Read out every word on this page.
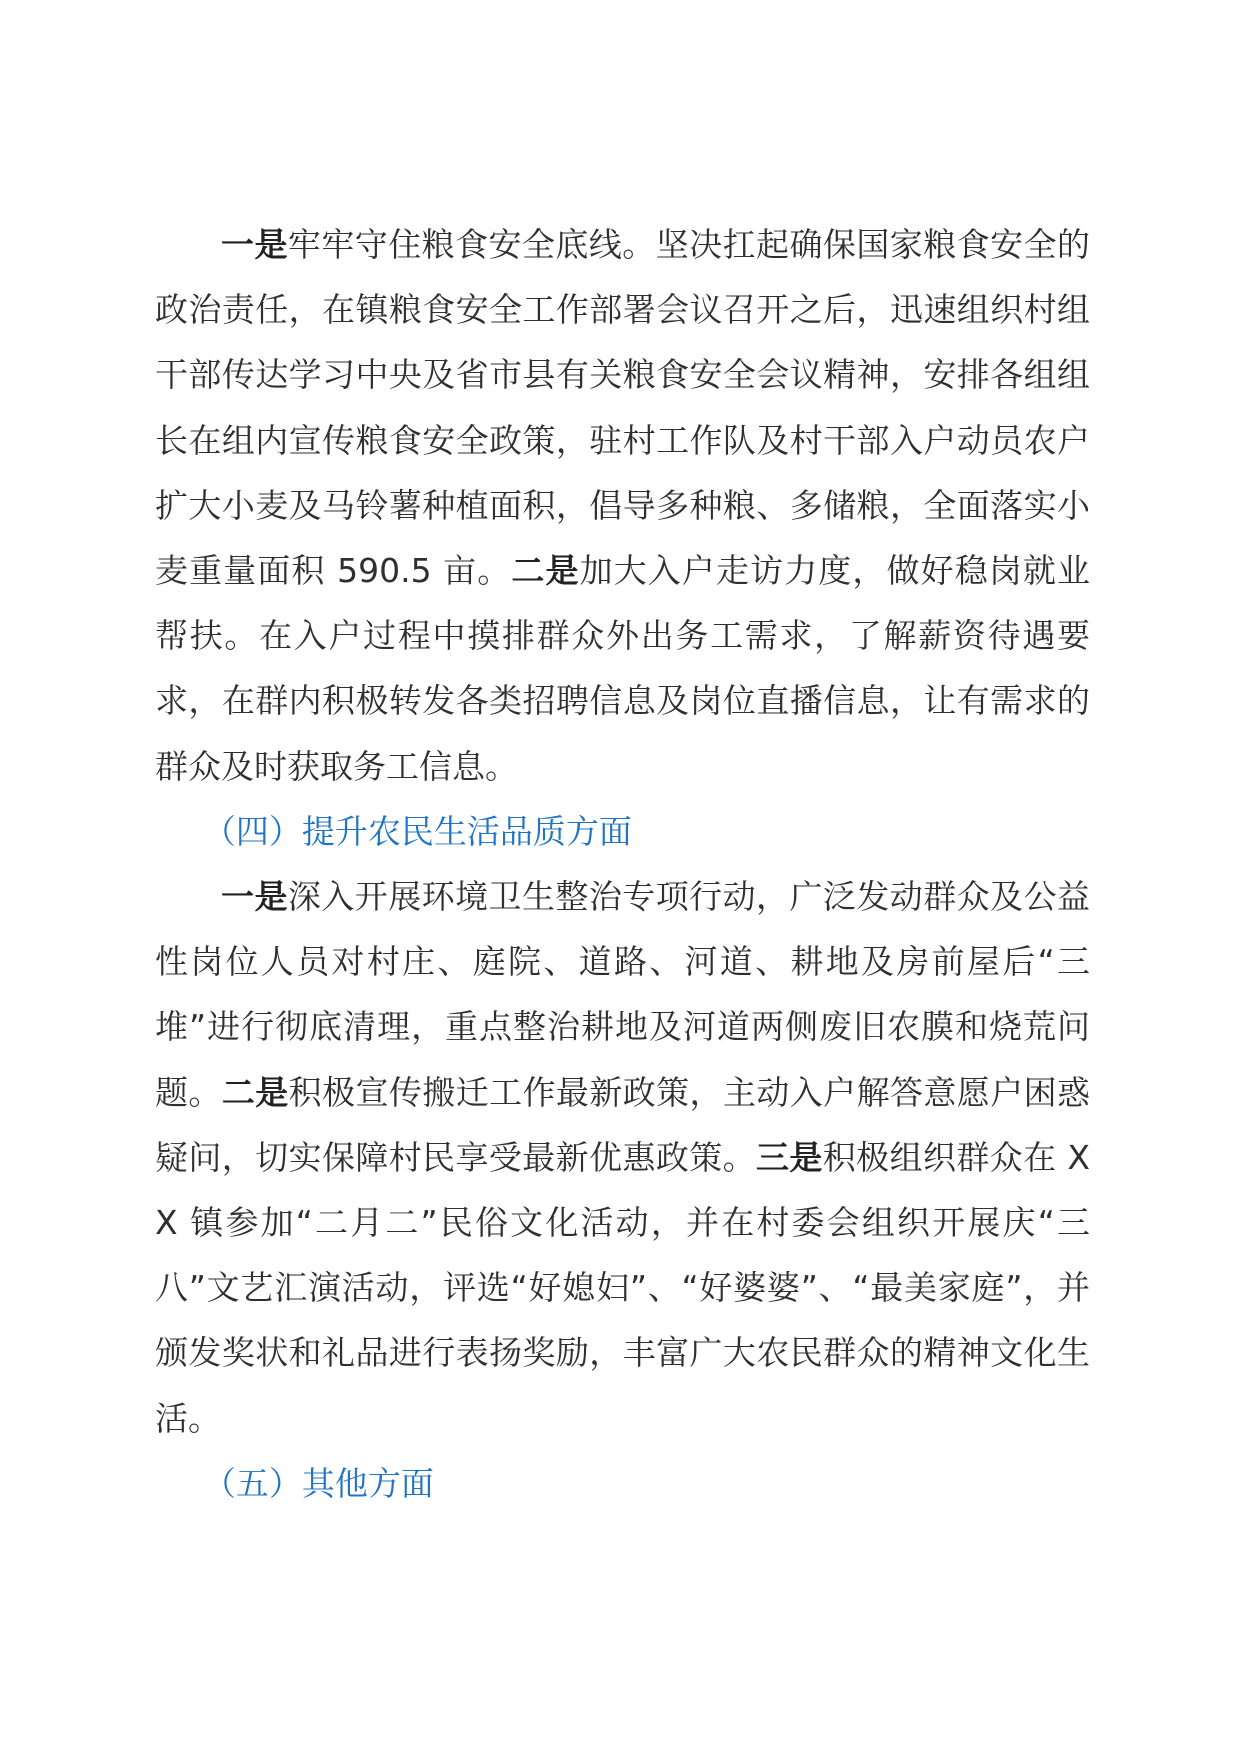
一是牢牢守住粮食安全底线。坚决扛起确保国家粮食安全的政治责任，在镇粮食安全工作部署会议召开之后，迅速组织村组干部传达学习中央及省市县有关粮食安全会议精神，安排各组组长在组内宣传粮食安全政策，驻村工作队及村干部入户动员农户扩大小麦及马铃薯种植面积，倡导多种粮、多储粮，全面落实小麦重量面积 590.5 亩。二是加大入户走访力度，做好稳岗就业帮扶。在入户过程中摸排群众外出务工需求，了解薪资待遇要求，在群内积极转发各类招聘信息及岗位直播信息，让有需求的群众及时获取务工信息。

（四）提升农民生活品质方面

一是深入开展环境卫生整治专项行动，广泛发动群众及公益性岗位人员对村庄、庭院、道路、河道、耕地及房前屋后“三堆”进行彻底清理，重点整治耕地及河道两侧废旧农膜和烧荒问题。二是积极宣传搬迁工作最新政策，主动入户解答意愿户困惑疑问，切实保障村民享受最新优惠政策。三是积极组织群众在 XX 镇参加“二月二”民俗文化活动，并在村委会组织开展庆“三八”文艺汇演活动，评选“好媳妇”、“好婆婆”、“最美家庭”，并颁发奖状和礼品进行表扬奖励，丰富广大农民群众的精神文化生活。

（五）其他方面
